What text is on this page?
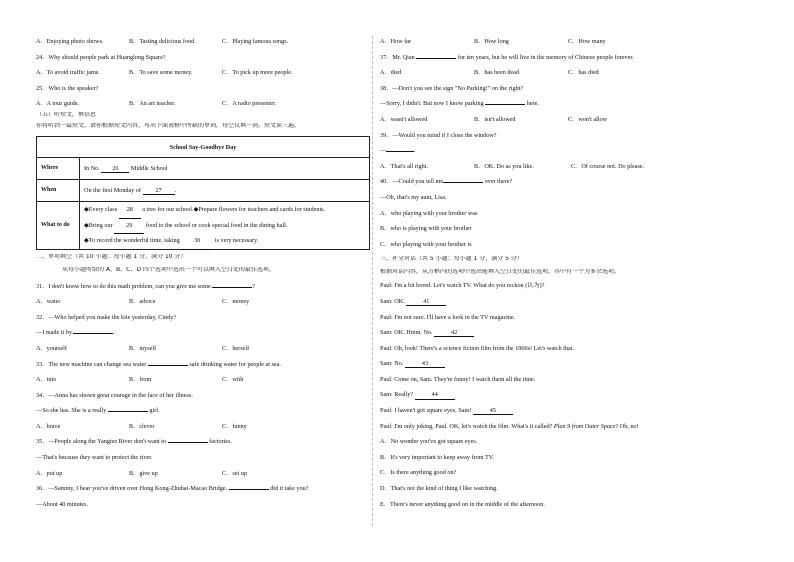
A．Enjoying photo shows.	B．Tasting delicious food.	C．Playing famous songs.
24．Why should people park at Huanglong Square?
A．To avoid traffic jams.	B．To save some money.	C．To pick up more people.
25．Who is the speaker?
A．A tour guide.	B．An art teacher.	C．A radio presenter.
（五）听短文，填信息
你将听到一篇短文，请你根据短文内容，写出下面表格中所缺的单词，每空仅填一词。短文读三遍。
School Say-Goodbye Day	
Where	In No. 26 Middle School
When	On the first Monday of 27 .
What to do	◆Every class 28 a tree for our school.◆Prepare flowers for teachers and cards for students.
◆Bring our 29 food to the school or cook special food in the dining hall.
◆To record the wonderful time, taking 30 is very necessary.
二、单项填空（共 10 小题；每小题 1 分，满分 10 分）
从每小题所给的 A、B、C、D 四个选项中选出一个可以填入空白处的最佳选项。
31．I don't know how to do this math problem, can you give me some	?
A．water	B．advice	C．money
32．—Who helped you make the kite yesterday, Cindy?
—I made it by	.
A．yourself	B．myself	C．herself
33．The new machine can change sea water	safe drinking water for people at sea.
A．into	B．from	C．with
34．—Anna has shown great courage in the face of her illness.
—So she has. She is a really	girl.
A．brave	B．clever	C．funny
35．—People along the Yangtze River don't want to	factories.
—That's because they want to protect the river.
A．put up	B．give up	C．set up
36．—Sammy, I hear you've driven over Hong Kong-Zhuhai-Macao Bridge.	did it take you?
—About 40 minutes.
A．How far	B．How long	C．How many
37．Mr. Qian	for ten years, but he will live in the memory of Chinese people forever.
A．died	B．has been dead	C．has died
38．—Don't you see the sign "No Parking!" on the right?
—Sorry, I didn't. But now I know parking	here.
A．wasn't allowed	B．isn't allowed	C．won't allow
39．—Would you mind if I close the window?
—	.
A．That's all right.	B．OK. Do as you like.	C．Of course not. Do please.
40．—Could you tell me	over there?
—Oh, that's my aunt, Lisa.
A．who playing with your brother was
B．who is playing with your brother
C．who playing with your brother is
三、补全对话（共 5 小题；每小题 1 分，满分 5 分）
根据对话内容，从方框内的选项中选出能填入空白处的最佳选项，其中有一个为多余选项。
Paul: I'm a bit bored. Let's watch TV. What do you reckon (认为)?
Sam: OK.	41
Paul: I'm not sure. I'll have a look in the TV magazine.
Sam: OK. Hmm. No.	42
Paul: Oh, look! There's a science fiction film from the 1960s! Let's watch that.
Sam: No.	43
Paul: Come on, Sam. They're funny! I watch them all the time.
Sam: Really?	44
Paul: I haven't got square eyes, Sam!	45
Paul: I'm only joking, Paul. OK, let's watch the film. What's it called? Plan 9 from Outer Space? Oh, no!
A．No wonder you've got square eyes.
B．It's very important to keep away from TV.
C．Is there anything good on?
D．That's not the kind of thing I like watching.
E．There's never anything good on in the middle of the afternoon.
